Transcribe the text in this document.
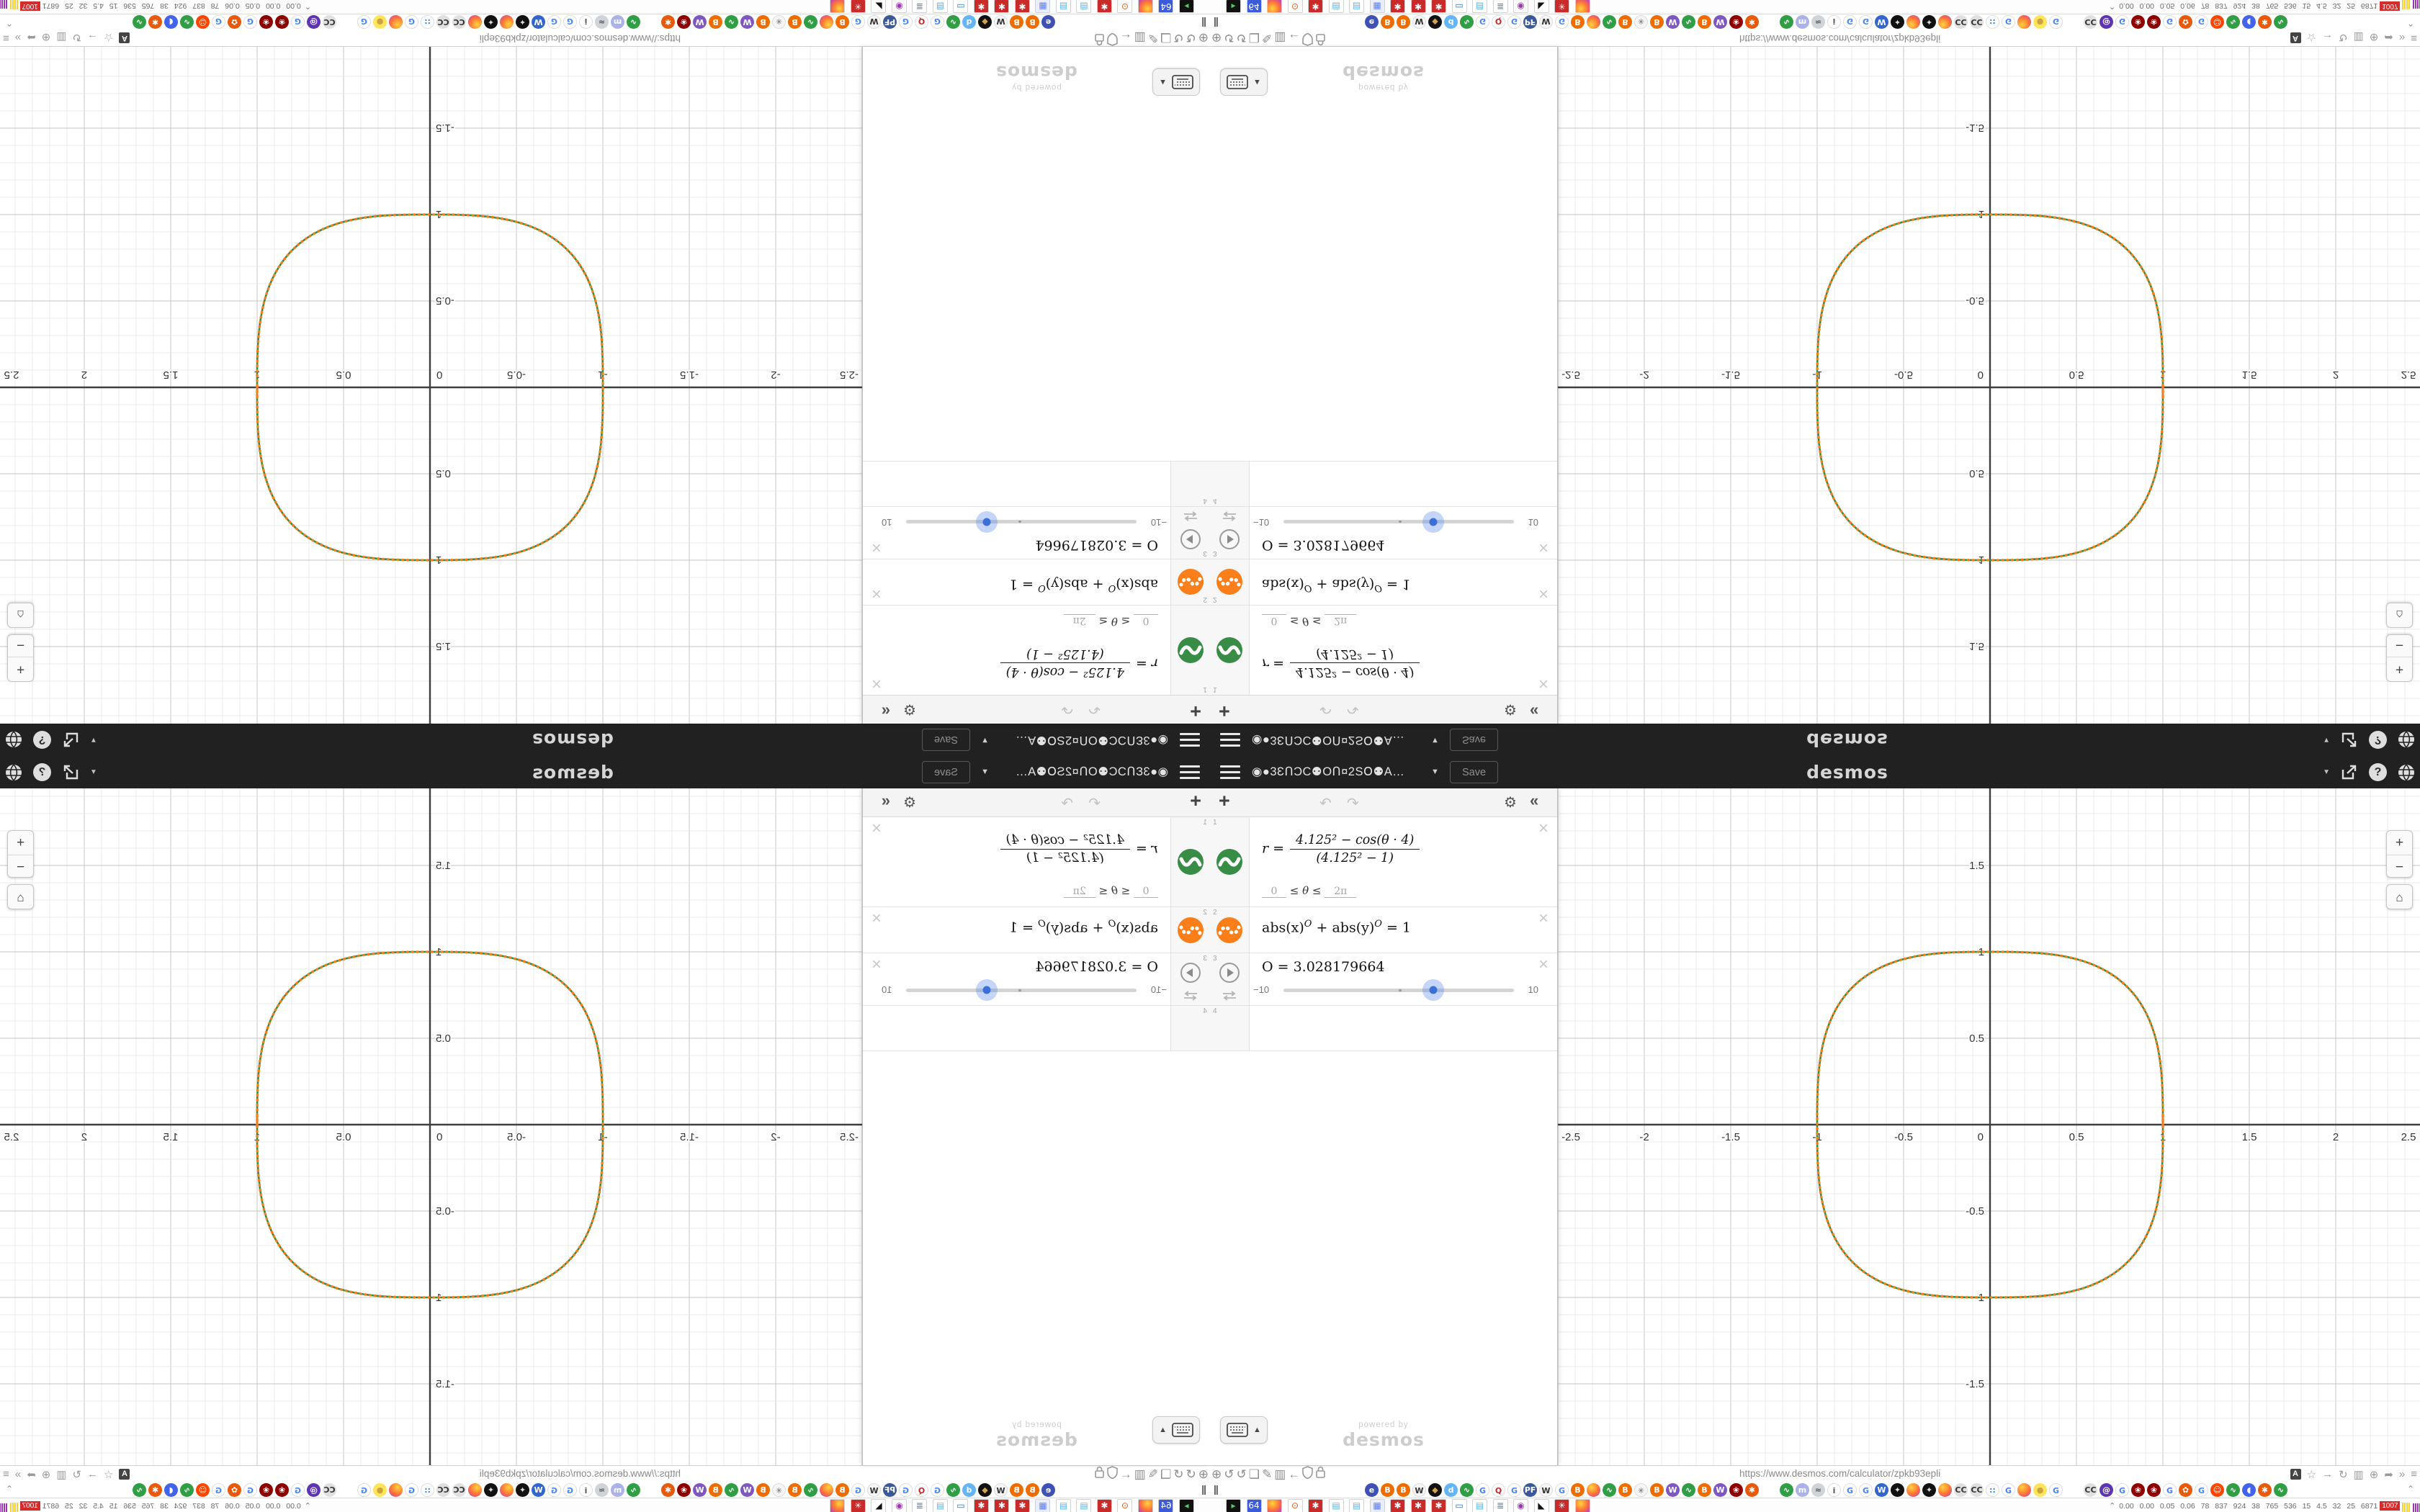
◉●3ƐՈƆC⚉OՈ¤2SՕ⚉A…
▼
Save
desmos
▼
?
+
↶
↷
⚙
«
1
×
r =
4.125² − cos(θ · 4)
(4.125² − 1)
0 ≤ θ ≤ 2π
2
×	$abs(x)^O + abs(y)^O = 1$
3
×	O = 3.028179664
−10
10
4
▲
powered by
desmos
-2.5
-2
-1.5
-1
-0.5
0.5
1
1.5
2
2.5
1.5
1
0.5
-0.5
-1
-1.5
0
+
−
⌂
⊕
↺
↺
❏
✎
▥
←
https://www.desmos.com/calculator/zpkb93epli
A
☆
→
↻
▥
⊕
➦
»
≡
||
e
B
B
W
◆
d
∿
G
Q
G
PF
W
G
B
∿
B
✳
B
W
∿
B
W
❀
✱
∿
m
≈
i
G
G
W
✦
✦
CC
CC
∷
G
●
G
CC
@
G
❀
❀
G
✿
G
☺
∿
◖
✱
∿
⌃
▸
64
⊙
✱
▤
▤
▦
✱
✱
✱
▭
▤
≣
◉
◣
✳
⌃
0.00 0.00 0.05 0.06 78 837 924 38 765 536 15 4.5 32 25 6871
1007
◉●3ƐՈƆC⚉OՈ¤2SՕ⚉A…	▼	Save	desmos	▼	?
+	↶ ↷	⚙ «
1	×
r =
4.125² − cos(θ · 4)
(4.125² − 1)
0 ≤ θ ≤ 2π
2	×
$abs(x)^O + abs(y)^O = 1$
3	×
O = 3.028179664
−10	10
4
▲
powered by
desmos
-2.5	-2	-1.5	-1	-0.5	0.5	1	1.5	2	2.5
1.5
1
0.5
-0.5
-1
-1.5
0
+
−
⌂
⊕ ↺ ↺ ❏ ✎ ▥ ←	https://www.desmos.com/calculator/zpkb93epli	A ☆ → ↻ ▥ ⊕ ➦ » ≡
||	e	B	B	W	◆	d	∿	G	Q	G PF W	G	B	∿	B	✳	B	W	∿	B	W	❀	✱	∿	m	≈	i	G	G	W	✦	✦	CC CC ∷	G	●	G	CC @	G	❀	❀	G	✿	G	☺	∿	◖	✱	∿	⌃
▸	64	⊙	✱	▤	▤	▦	✱	✱	✱	▭	▤	≣	◉	◣	✳	⌃ 0.00 0.00 0.05 0.06 78 837 924 38 765 536 15 4.5 32 25 6871 1007
◉●3ƐՈƆC⚉OՈ¤2SՕ⚉A…
▼
Save
desmos
▼
?
+
↶
↷
⚙
«
1
×
r =
$\frac{\text{4.125² − cos(θ · 4)}}{\text{(4.125² − 1)}}$
0 ≤ θ ≤ 2π
2
×	$abs(x)^O + abs(y)^O = 1$
3
×	O = 3.028179664
−10
10
4
▲
powered by
desmos
-2.5
-2
-1.5
-1
-0.5
0.5
1
1.5
2
2.5
1.5
1
0.5
-0.5
-1
-1.5
0
+
−
⌂
⊕
↺
↺
❏
✎
▥
←
https://www.desmos.com/calculator/zpkb93epli
A
☆
→
↻
▥
⊕
➦
»
≡
||
e
B
B
W
◆
d
∿
G
Q
G
PF
W
G
B
∿
B
✳
B
W
∿
B
W
❀
✱
∿
m
≈
i
G
G
W
✦
✦
CC
CC
∷
G
●
G
CC
@
G
❀
❀
G
✿
G
☺
∿
◖
✱
∿
⌃
▸
64
⊙
✱
▤
▤
▦
✱
✱
✱
▭
▤
≣
◉
◣
✳
⌃
0.00 0.00 0.05 0.06 78 837 924 38 765 536 15 4.5 32 25 6871
1007
◉●3ƐՈƆC⚉OՈ¤2SՕ⚉A…	▼	Save	desmos	▼	?
+	↶ ↷	⚙ «
1	×
$r = \frac{\text{4.125² − cos(θ · 4)}}{\text{(4.125² − 1)}}$
0 ≤ θ ≤ 2π
2	×
$abs(x)^O + abs(y)^O = 1$
3	×
O = 3.028179664
−10	10
4
▲
powered by
desmos
-2.5	-2	-1.5	-1	-0.5	0.5	1	1.5	2	2.5
1.5
1
0.5
-0.5
-1
-1.5
0
+
−
⌂
⊕ ↺ ↺ ❏ ✎ ▥ ←	https://www.desmos.com/calculator/zpkb93epli	A ☆ → ↻ ▥ ⊕ ➦ » ≡
||	e	B	B	W	◆	d	∿	G	Q	G PF W	G	B	∿	B	✳	B	W	∿	B	W	❀	✱	∿	m	≈	i	G	G	W	✦	✦	CC CC ∷	G	●	G	CC @	G	❀	❀	G	✿	G	☺	∿	◖	✱	∿	⌃
▸	64	⊙	✱	▤	▤	▦	✱	✱	✱	▭	▤	≣	◉	◣	✳	⌃ 0.00 0.00 0.05 0.06 78 837 924 38 765 536 15 4.5 32 25 6871 1007
